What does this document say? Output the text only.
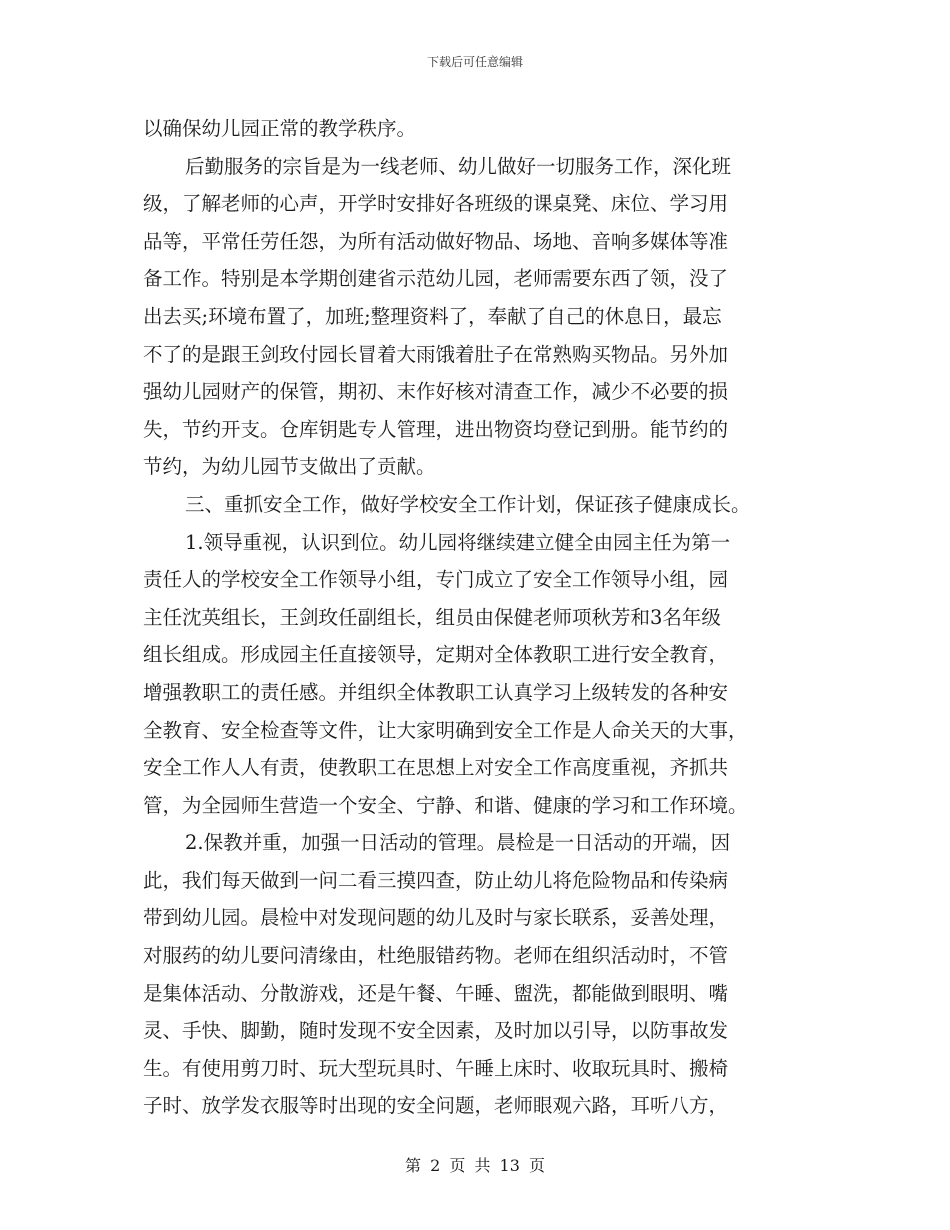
下载后可任意编辑
以确保幼儿园正常的教学秩序。
后勤服务的宗旨是为一线老师、幼儿做好一切服务工作，深化班
级，了解老师的心声，开学时安排好各班级的课桌凳、床位、学习用
品等，平常任劳任怨，为所有活动做好物品、场地、音响多媒体等准
备工作。特别是本学期创建省示范幼儿园，老师需要东西了领，没了
出去买;环境布置了，加班;整理资料了，奉献了自己的休息日，最忘
不了的是跟王剑玫付园长冒着大雨饿着肚子在常熟购买物品。另外加
强幼儿园财产的保管，期初、末作好核对清查工作，减少不必要的损
失，节约开支。仓库钥匙专人管理，进出物资均登记到册。能节约的
节约，为幼儿园节支做出了贡献。
三、重抓安全工作，做好学校安全工作计划，保证孩子健康成长。
1.领导重视，认识到位。幼儿园将继续建立健全由园主任为第一
责任人的学校安全工作领导小组，专门成立了安全工作领导小组，园
主任沈英组长，王剑玫任副组长，组员由保健老师项秋芳和3名年级
组长组成。形成园主任直接领导，定期对全体教职工进行安全教育，
增强教职工的责任感。并组织全体教职工认真学习上级转发的各种安
全教育、安全检查等文件，让大家明确到安全工作是人命关天的大事，
安全工作人人有责，使教职工在思想上对安全工作高度重视，齐抓共
管，为全园师生营造一个安全、宁静、和谐、健康的学习和工作环境。
2.保教并重，加强一日活动的管理。晨检是一日活动的开端，因
此，我们每天做到一问二看三摸四查，防止幼儿将危险物品和传染病
带到幼儿园。晨检中对发现问题的幼儿及时与家长联系，妥善处理，
对服药的幼儿要问清缘由，杜绝服错药物。老师在组织活动时，不管
是集体活动、分散游戏，还是午餐、午睡、盥洗，都能做到眼明、嘴
灵、手快、脚勤，随时发现不安全因素，及时加以引导，以防事故发
生。有使用剪刀时、玩大型玩具时、午睡上床时、收取玩具时、搬椅
子时、放学发衣服等时出现的安全问题，老师眼观六路，耳听八方，
第 2 页 共 13 页
